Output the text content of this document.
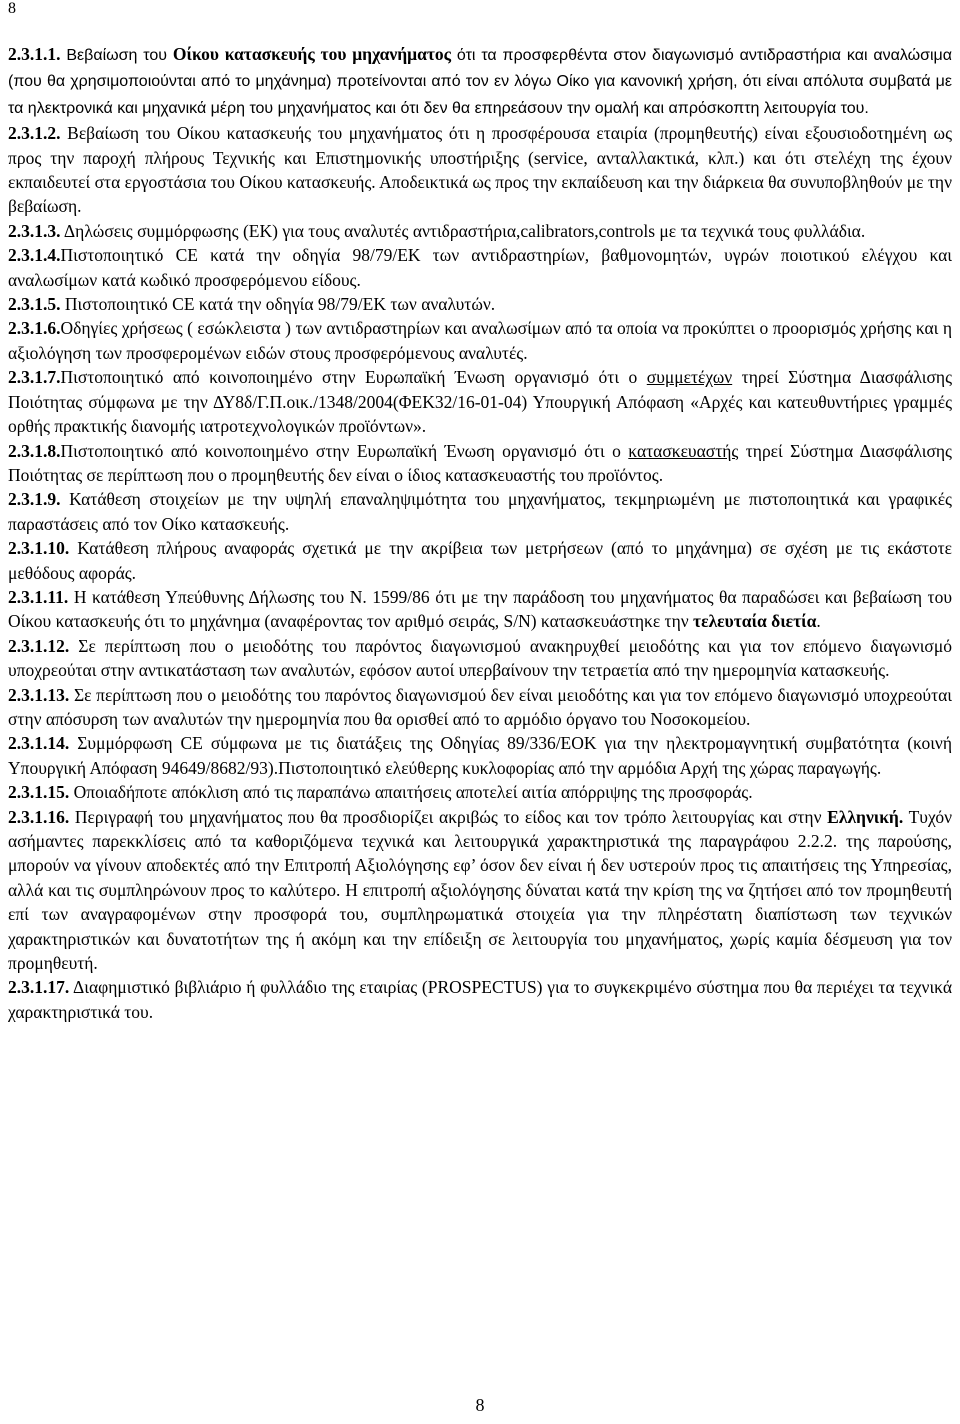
8

2.3.1.1. Βεβαίωση του Οίκου κατασκευής του μηχανήματος ότι τα προσφερθέντα στον διαγωνισμό αντιδραστήρια και αναλώσιμα (που θα χρησιμοποιούνται από το μηχάνημα) προτείνονται από τον εν λόγω Οίκο για κανονική χρήση, ότι είναι απόλυτα συμβατά με τα ηλεκτρονικά και μηχανικά μέρη του μηχανήματος και ότι δεν θα επηρεάσουν την ομαλή και απρόσκοπτη λειτουργία του.

2.3.1.2. Βεβαίωση του Οίκου κατασκευής του μηχανήματος ότι η προσφέρουσα εταιρία (προμηθευτής) είναι εξουσιοδοτημένη ως προς την παροχή πλήρους Τεχνικής και Επιστημονικής υποστήριξης (service, ανταλλακτικά, κλπ.) και ότι στελέχη της έχουν εκπαιδευτεί στα εργοστάσια του Οίκου κατασκευής. Αποδεικτικά ως προς την εκπαίδευση και την διάρκεια θα συνυποβληθούν με την βεβαίωση.

2.3.1.3. Δηλώσεις συμμόρφωσης (ΕΚ) για τους αναλυτές αντιδραστήρια,calibrators,controls με τα τεχνικά τους φυλλάδια.

2.3.1.4.Πιστοποιητικό CE κατά την οδηγία 98/79/ΕΚ των αντιδραστηρίων, βαθμονομητών, υγρών ποιοτικού ελέγχου και αναλωσίμων κατά κωδικό προσφερόμενου είδους.

2.3.1.5. Πιστοποιητικό CE κατά την οδηγία 98/79/ΕΚ των αναλυτών.

2.3.1.6.Οδηγίες χρήσεως ( εσώκλειστα ) των αντιδραστηρίων και αναλωσίμων από τα οποία να προκύπτει ο προορισμός χρήσης και η αξιολόγηση των προσφερομένων ειδών στους προσφερόμενους αναλυτές.

2.3.1.7.Πιστοποιητικό από κοινοποιημένο στην Ευρωπαϊκή Ένωση οργανισμό ότι ο συμμετέχων τηρεί Σύστημα Διασφάλισης Ποιότητας σύμφωνα με την ΔΥ8δ/Γ.Π.οικ./1348/2004(ΦΕΚ32/16-01-04) Υπουργική Απόφαση «Αρχές και κατευθυντήριες γραμμές ορθής πρακτικής διανομής ιατροτεχνολογικών προϊόντων».

2.3.1.8.Πιστοποιητικό από κοινοποιημένο στην Ευρωπαϊκή Ένωση οργανισμό ότι ο κατασκευαστής τηρεί Σύστημα Διασφάλισης Ποιότητας σε περίπτωση που ο προμηθευτής δεν είναι ο ίδιος κατασκευαστής του προϊόντος.

2.3.1.9. Κατάθεση στοιχείων με την υψηλή επαναληψιμότητα του μηχανήματος, τεκμηριωμένη με πιστοποιητικά και γραφικές παραστάσεις από τον Οίκο κατασκευής.

2.3.1.10. Κατάθεση πλήρους αναφοράς σχετικά με την ακρίβεια των μετρήσεων (από το μηχάνημα) σε σχέση με τις εκάστοτε μεθόδους αφοράς.

2.3.1.11. Η κατάθεση Υπεύθυνης Δήλωσης του Ν. 1599/86 ότι με την παράδοση του μηχανήματος θα παραδώσει και βεβαίωση του Οίκου κατασκευής ότι το μηχάνημα (αναφέροντας τον αριθμό σειράς, S/N) κατασκευάστηκε την τελευταία διετία.

2.3.1.12. Σε περίπτωση που ο μειοδότης του παρόντος διαγωνισμού ανακηρυχθεί μειοδότης και για τον επόμενο διαγωνισμό υποχρεούται στην αντικατάσταση των αναλυτών, εφόσον αυτοί υπερβαίνουν την τετραετία από την ημερομηνία κατασκευής.

2.3.1.13. Σε περίπτωση που ο μειοδότης του παρόντος διαγωνισμού δεν είναι μειοδότης και για τον επόμενο διαγωνισμό υποχρεούται στην απόσυρση των αναλυτών την ημερομηνία που θα ορισθεί από το αρμόδιο όργανο του Νοσοκομείου.

2.3.1.14. Συμμόρφωση CE σύμφωνα με τις διατάξεις της Οδηγίας 89/336/ΕΟΚ για την ηλεκτρομαγνητική συμβατότητα (κοινή Υπουργική Απόφαση 94649/8682/93).Πιστοποιητικό ελεύθερης κυκλοφορίας από την αρμόδια Αρχή της χώρας παραγωγής.

2.3.1.15. Οποιαδήποτε απόκλιση από τις παραπάνω απαιτήσεις αποτελεί αιτία απόρριψης της προσφοράς.

2.3.1.16. Περιγραφή του μηχανήματος που θα προσδιορίζει ακριβώς το είδος και τον τρόπο λειτουργίας και στην Ελληνική. Τυχόν ασήμαντες παρεκκλίσεις από τα καθοριζόμενα τεχνικά και λειτουργικά χαρακτηριστικά της παραγράφου 2.2.2. της παρούσης, μπορούν να γίνουν αποδεκτές από την Επιτροπή Αξιολόγησης εφ’ όσον δεν είναι ή δεν υστερούν προς τις απαιτήσεις της Υπηρεσίας, αλλά και τις συμπληρώνουν προς το καλύτερο. Η επιτροπή αξιολόγησης δύναται κατά την κρίση της να ζητήσει από τον προμηθευτή επί των αναγραφομένων στην προσφορά του, συμπληρωματικά στοιχεία για την πληρέστατη διαπίστωση των τεχνικών χαρακτηριστικών και δυνατοτήτων της ή ακόμη και την επίδειξη σε λειτουργία του μηχανήματος, χωρίς καμία δέσμευση για τον προμηθευτή.

2.3.1.17. Διαφημιστικό βιβλιάριο ή φυλλάδιο της εταιρίας (PROSPECTUS) για το συγκεκριμένο σύστημα που θα περιέχει τα τεχνικά χαρακτηριστικά του.

8
